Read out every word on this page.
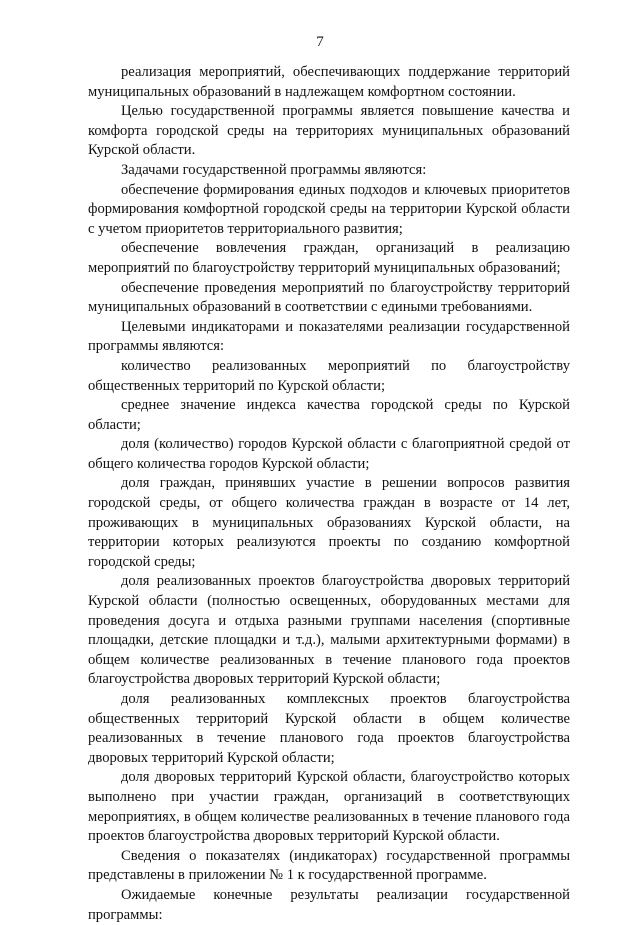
7

реализация мероприятий, обеспечивающих поддержание территорий муниципальных образований в надлежащем комфортном состоянии.

Целью государственной программы является повышение качества и комфорта городской среды на территориях муниципальных образований Курской области.

Задачами государственной программы являются:

обеспечение формирования единых подходов и ключевых приоритетов формирования комфортной городской среды на территории Курской области с учетом приоритетов территориального развития;

обеспечение вовлечения граждан, организаций в реализацию мероприятий по благоустройству территорий муниципальных образований;

обеспечение проведения мероприятий по благоустройству территорий муниципальных образований в соответствии с едиными требованиями.

Целевыми индикаторами и показателями реализации государственной программы являются:

количество реализованных мероприятий по благоустройству общественных территорий по Курской области;

среднее значение индекса качества городской среды по Курской области;

доля (количество) городов Курской области с благоприятной средой от общего количества городов Курской области;

доля граждан, принявших участие в решении вопросов развития городской среды, от общего количества граждан в возрасте от 14 лет, проживающих в муниципальных образованиях Курской области, на территории которых реализуются проекты по созданию комфортной городской среды;

доля реализованных проектов благоустройства дворовых территорий Курской области (полностью освещенных, оборудованных местами для проведения досуга и отдыха разными группами населения (спортивные площадки, детские площадки и т.д.), малыми архитектурными формами) в общем количестве реализованных в течение планового года проектов благоустройства дворовых территорий Курской области;

доля реализованных комплексных проектов благоустройства общественных территорий Курской области в общем количестве реализованных в течение планового года проектов благоустройства дворовых территорий Курской области;

доля дворовых территорий Курской области, благоустройство которых выполнено при участии граждан, организаций в соответствующих мероприятиях, в общем количестве реализованных в течение планового года проектов благоустройства дворовых территорий Курской области.

Сведения о показателях (индикаторах) государственной программы представлены в приложении № 1 к государственной программе.

Ожидаемые конечные результаты реализации государственной программы:
